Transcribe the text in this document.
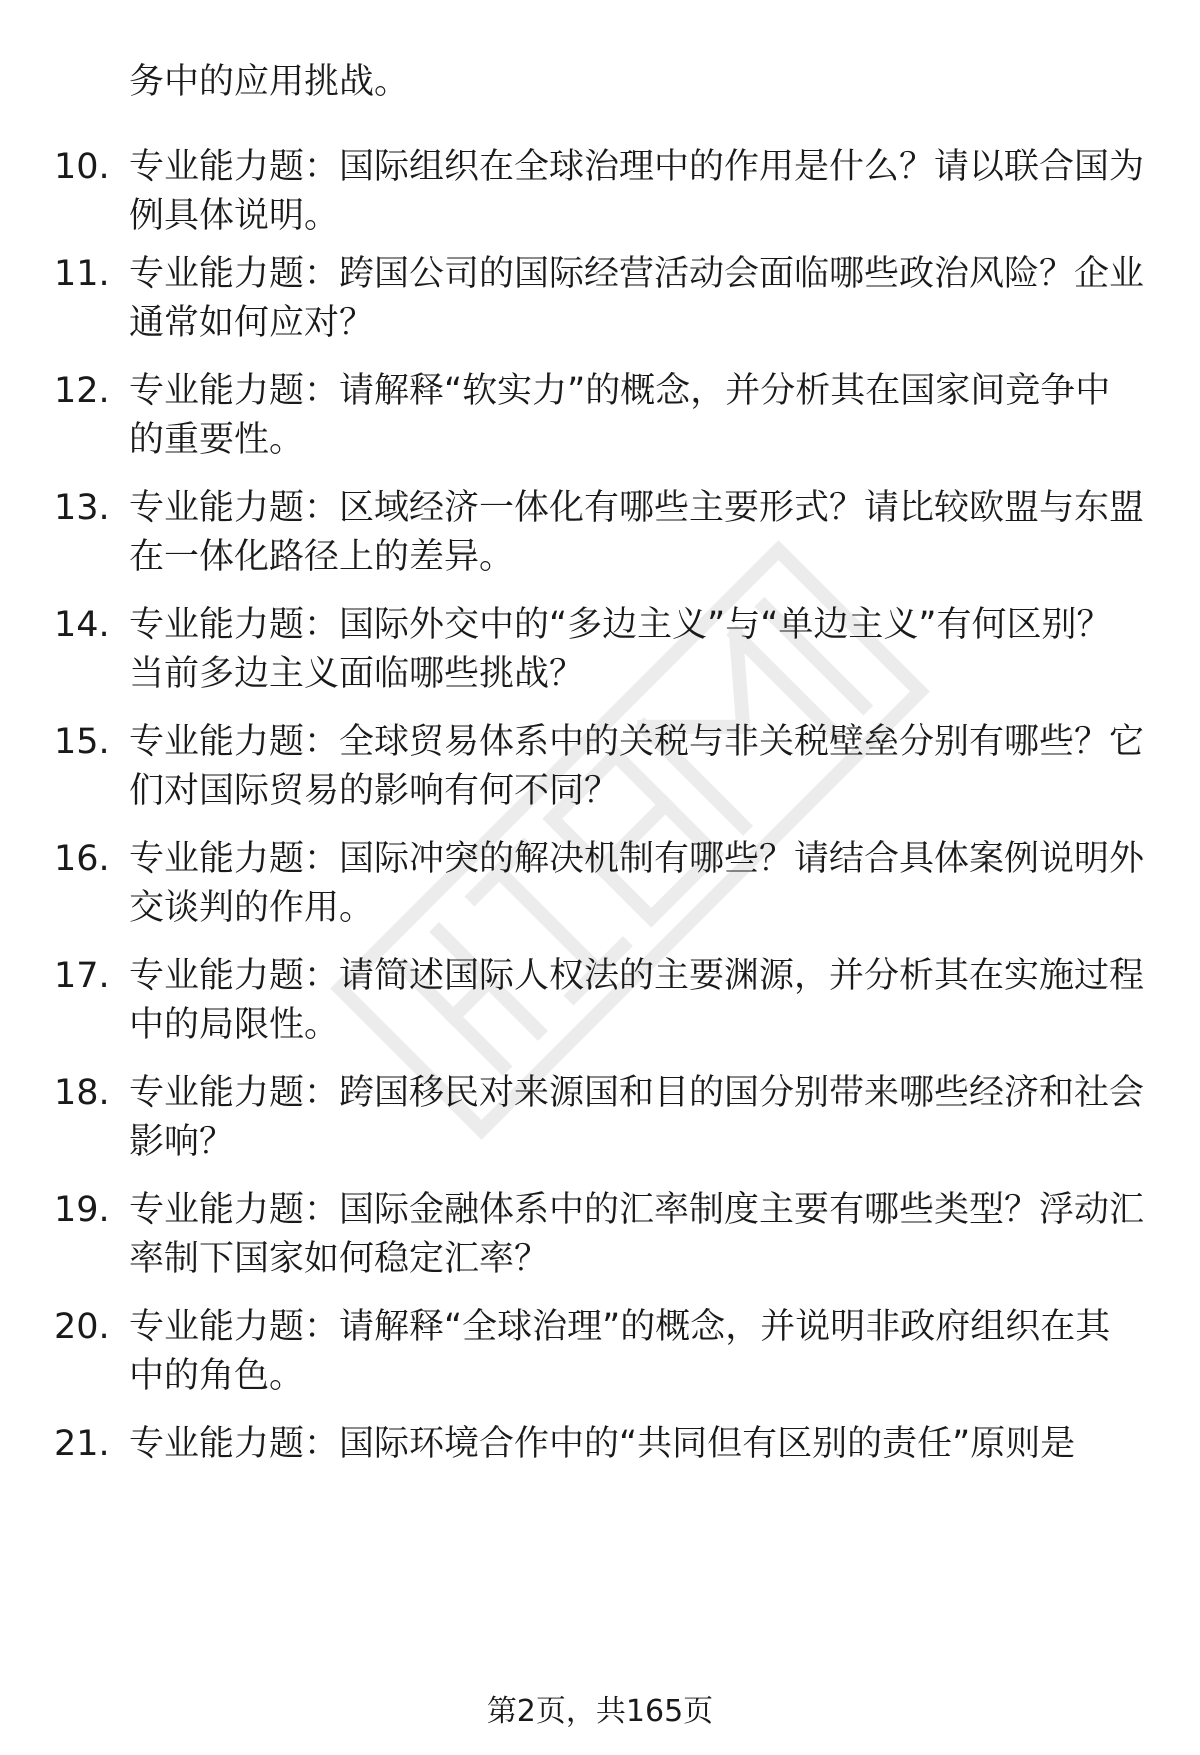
务中的应用挑战。
10. 专业能力题：国际组织在全球治理中的作用是什么？请以联合国为例具体说明。
11. 专业能力题：跨国公司的国际经营活动会面临哪些政治风险？企业通常如何应对？
12. 专业能力题：请解释“软实力”的概念，并分析其在国家间竞争中的重要性。
13. 专业能力题：区域经济一体化有哪些主要形式？请比较欧盟与东盟在一体化路径上的差异。
14. 专业能力题：国际外交中的“多边主义”与“单边主义”有何区别？当前多边主义面临哪些挑战？
15. 专业能力题：全球贸易体系中的关税与非关税壁垒分别有哪些？它们对国际贸易的影响有何不同？
16. 专业能力题：国际冲突的解决机制有哪些？请结合具体案例说明外交谈判的作用。
17. 专业能力题：请简述国际人权法的主要渊源，并分析其在实施过程中的局限性。
18. 专业能力题：跨国移民对来源国和目的国分别带来哪些经济和社会影响？
19. 专业能力题：国际金融体系中的汇率制度主要有哪些类型？浮动汇率制下国家如何稳定汇率？
20. 专业能力题：请解释“全球治理”的概念，并说明非政府组织在其中的角色。
21. 专业能力题：国际环境合作中的“共同但有区别的责任”原则是
第2页，共165页
